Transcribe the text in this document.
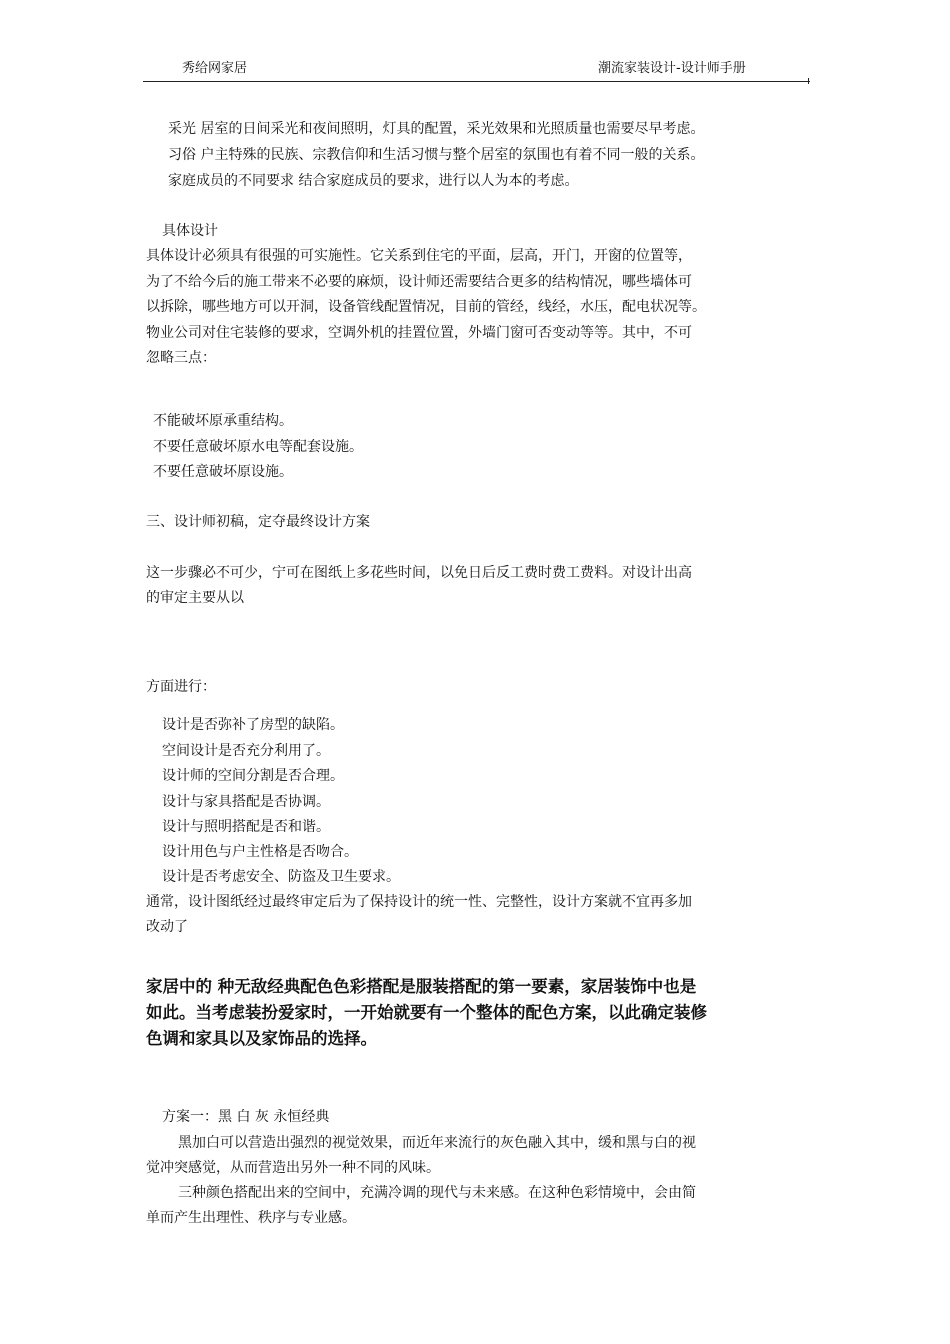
秀给网家居	潮流家装设计-设计师手册
采光 居室的日间采光和夜间照明，灯具的配置，采光效果和光照质量也需要尽早考虑。
习俗 户主特殊的民族、宗教信仰和生活习惯与整个居室的氛围也有着不同一般的关系。
家庭成员的不同要求 结合家庭成员的要求，进行以人为本的考虑。
具体设计
具体设计必须具有很强的可实施性。它关系到住宅的平面，层高，开门，开窗的位置等，
为了不给今后的施工带来不必要的麻烦，设计师还需要结合更多的结构情况，哪些墙体可
以拆除，哪些地方可以开洞，设备管线配置情况，目前的管经，线经，水压，配电状况等。
物业公司对住宅装修的要求，空调外机的挂置位置，外墙门窗可否变动等等。其中，不可
忽略三点：
不能破坏原承重结构。
不要任意破坏原水电等配套设施。
不要任意破坏原设施。
三、设计师初稿，定夺最终设计方案
这一步骤必不可少，宁可在图纸上多花些时间，以免日后反工费时费工费料。对设计出高
的审定主要从以
方面进行：
设计是否弥补了房型的缺陷。
空间设计是否充分利用了。
设计师的空间分割是否合理。
设计与家具搭配是否协调。
设计与照明搭配是否和谐。
设计用色与户主性格是否吻合。
设计是否考虑安全、防盗及卫生要求。
通常，设计图纸经过最终审定后为了保持设计的统一性、完整性，设计方案就不宜再多加
改动了
家居中的 种无敌经典配色色彩搭配是服装搭配的第一要素，家居装饰中也是
如此。当考虑装扮爱家时，一开始就要有一个整体的配色方案，以此确定装修
色调和家具以及家饰品的选择。
方案一：黑 白 灰 永恒经典
黑加白可以营造出强烈的视觉效果，而近年来流行的灰色融入其中，缓和黑与白的视
觉冲突感觉，从而营造出另外一种不同的风味。
三种颜色搭配出来的空间中，充满冷调的现代与未来感。在这种色彩情境中，会由简
单而产生出理性、秩序与专业感。
